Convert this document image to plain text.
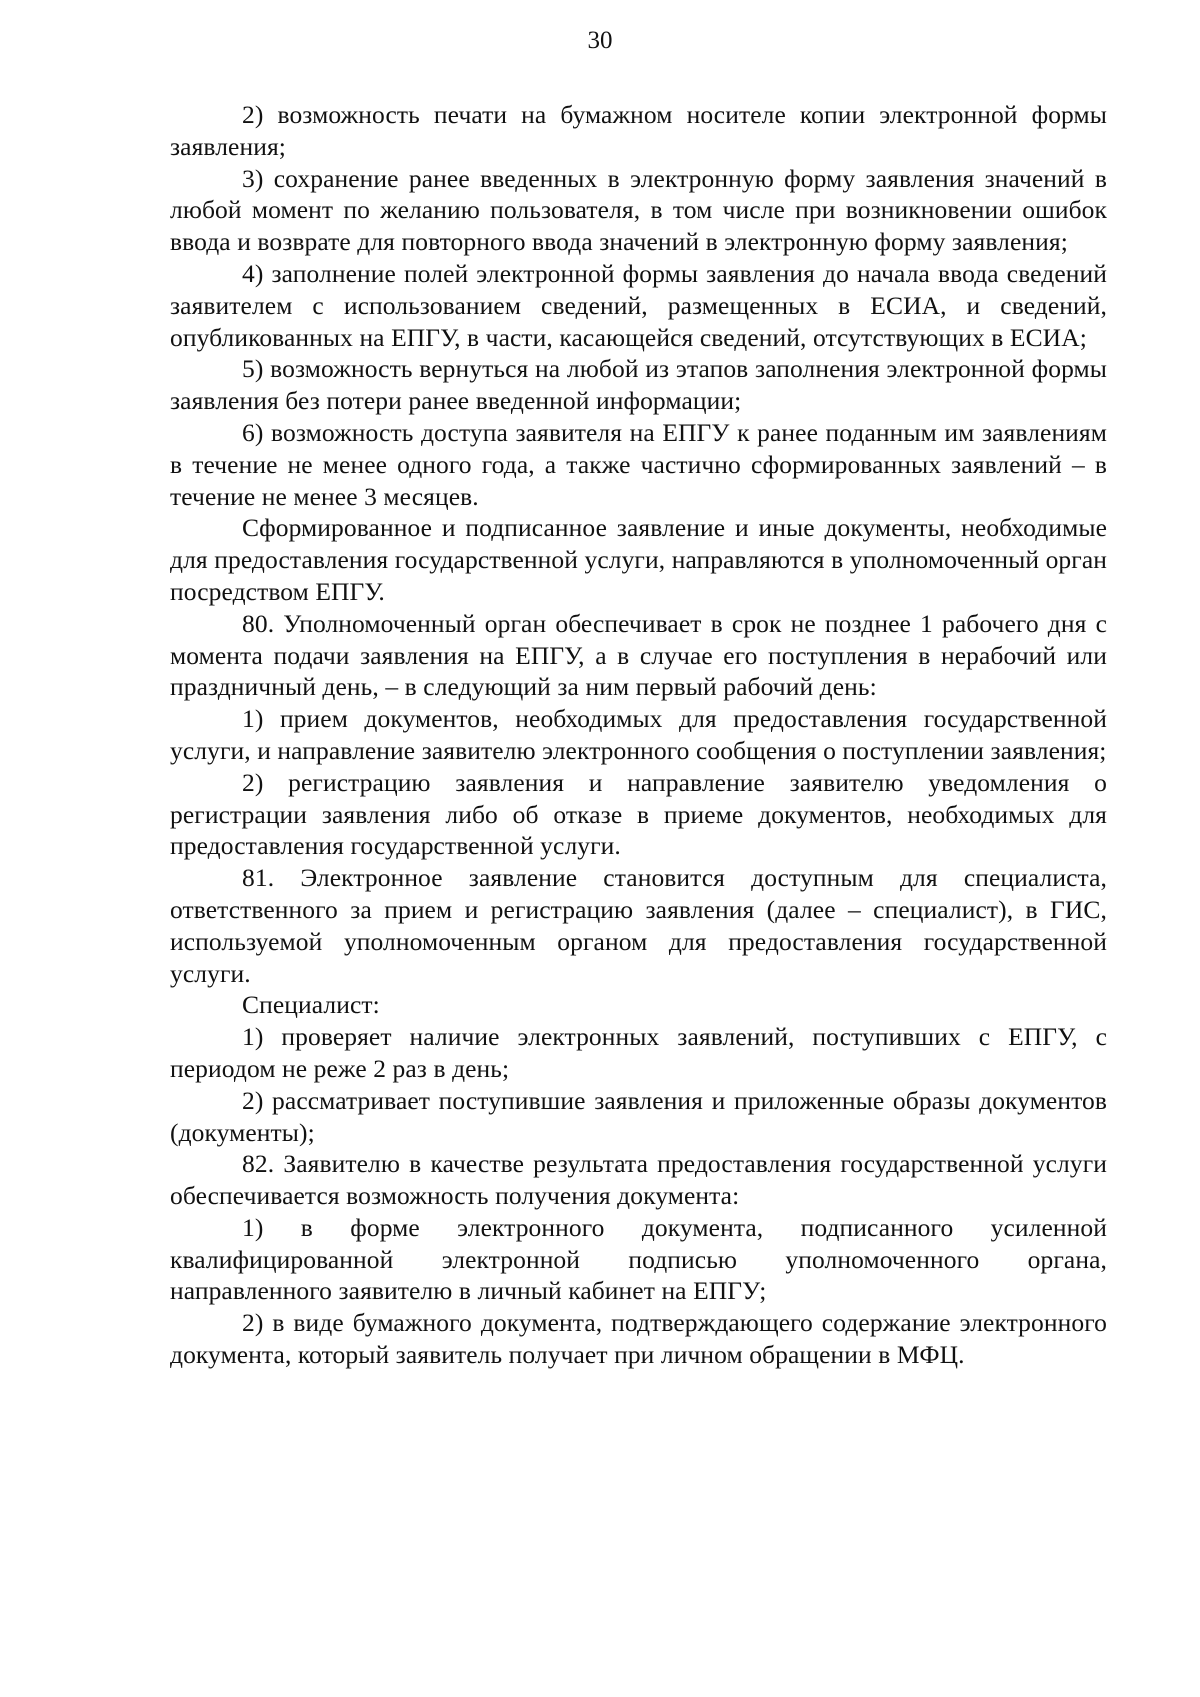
30

2) возможность печати на бумажном носителе копии электронной формы заявления;

3) сохранение ранее введенных в электронную форму заявления значений в любой момент по желанию пользователя, в том числе при возникновении ошибок ввода и возврате для повторного ввода значений в электронную форму заявления;

4) заполнение полей электронной формы заявления до начала ввода сведений заявителем с использованием сведений, размещенных в ЕСИА, и сведений, опубликованных на ЕПГУ, в части, касающейся сведений, отсутствующих в ЕСИА;

5) возможность вернуться на любой из этапов заполнения электронной формы заявления без потери ранее введенной информации;

6) возможность доступа заявителя на ЕПГУ к ранее поданным им заявлениям в течение не менее одного года, а также частично сформированных заявлений – в течение не менее 3 месяцев.

Сформированное и подписанное заявление и иные документы, необходимые для предоставления государственной услуги, направляются в уполномоченный орган посредством ЕПГУ.

80. Уполномоченный орган обеспечивает в срок не позднее 1 рабочего дня с момента подачи заявления на ЕПГУ, а в случае его поступления в нерабочий или праздничный день, – в следующий за ним первый рабочий день:

1) прием документов, необходимых для предоставления государственной услуги, и направление заявителю электронного сообщения о поступлении заявления;

2) регистрацию заявления и направление заявителю уведомления о регистрации заявления либо об отказе в приеме документов, необходимых для предоставления государственной услуги.

81. Электронное заявление становится доступным для специалиста, ответственного за прием и регистрацию заявления (далее – специалист), в ГИС, используемой уполномоченным органом для предоставления государственной услуги.

Специалист:

1) проверяет наличие электронных заявлений, поступивших с ЕПГУ, с периодом не реже 2 раз в день;

2) рассматривает поступившие заявления и приложенные образы документов (документы);

82. Заявителю в качестве результата предоставления государственной услуги обеспечивается возможность получения документа:

1) в форме электронного документа, подписанного усиленной квалифицированной электронной подписью уполномоченного органа, направленного заявителю в личный кабинет на ЕПГУ;

2) в виде бумажного документа, подтверждающего содержание электронного документа, который заявитель получает при личном обращении в МФЦ.
